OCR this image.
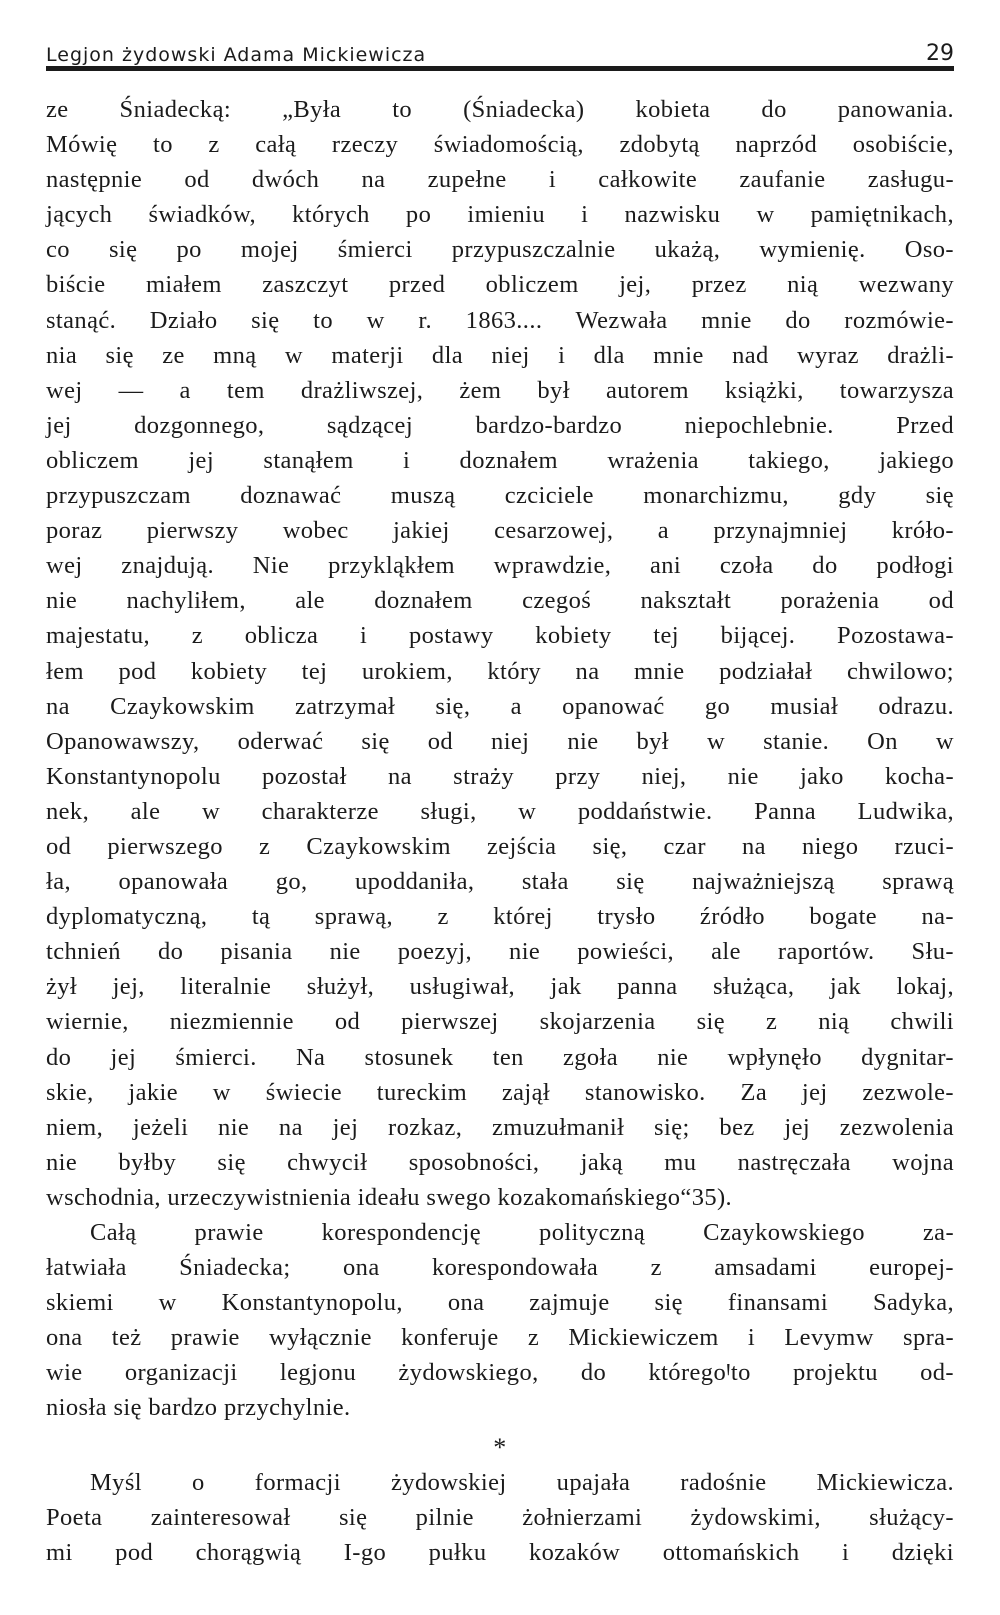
Legjon żydowski Adama Mickiewicza	29

ze Śniadecką: „Była to (Śniadecka) kobieta do panowania.
Mówię to z całą rzeczy świadomością, zdobytą naprzód osobiście,
następnie od dwóch na zupełne i całkowite zaufanie zasługu-
jących świadków, których po imieniu i nazwisku w pamiętnikach,
co się po mojej śmierci przypuszczalnie ukażą, wymienię. Oso-
biście miałem zaszczyt przed obliczem jej, przez nią wezwany
stanąć. Działo się to w r. 1863.... Wezwała mnie do rozmówie-
nia się ze mną w materji dla niej i dla mnie nad wyraz drażli-
wej — a tem drażliwszej, żem był autorem książki, towarzysza
jej dozgonnego, sądzącej bardzo-bardzo niepochlebnie. Przed
obliczem jej stanąłem i doznałem wrażenia takiego, jakiego
przypuszczam doznawać muszą czciciele monarchizmu, gdy się
poraz pierwszy wobec jakiej cesarzowej, a przynajmniej króło-
wej znajdują. Nie przykląkłem wprawdzie, ani czoła do podłogi
nie nachyliłem, ale doznałem czegoś nakształt porażenia od
majestatu, z oblicza i postawy kobiety tej bijącej. Pozostawa-
łem pod kobiety tej urokiem, który na mnie podziałał chwilowo;
na Czaykowskim zatrzymał się, a opanować go musiał odrazu.
Opanowawszy, oderwać się od niej nie był w stanie. On w
Konstantynopolu pozostał na straży przy niej, nie jako kocha-
nek, ale w charakterze sługi, w poddaństwie. Panna Ludwika,
od pierwszego z Czaykowskim zejścia się, czar na niego rzuci-
ła, opanowała go, upoddaniła, stała się najważniejszą sprawą
dyplomatyczną, tą sprawą, z której trysło źródło bogate na-
tchnień do pisania nie poezyj, nie powieści, ale raportów. Słu-
żył jej, literalnie służył, usługiwał, jak panna służąca, jak lokaj,
wiernie, niezmiennie od pierwszej skojarzenia się z nią chwili
do jej śmierci. Na stosunek ten zgoła nie wpłynęło dygnitar-
skie, jakie w świecie tureckim zajął stanowisko. Za jej zezwole-
niem, jeżeli nie na jej rozkaz, zmuzułmanił się; bez jej zezwolenia
nie byłby się chwycił sposobności, jaką mu nastręczała wojna
wschodnia, urzeczywistnienia ideału swego kozakomańskiego“35).

Całą prawie korespondencję polityczną Czaykowskiego za-
łatwiała Śniadecka; ona korespondowała z amsadami europej-
skiemi w Konstantynopolu, ona zajmuje się finansami Sadyka,
ona też prawie wyłącznie konferuje z Mickiewiczem i Levymw spra-
wie organizacji legjonu żydowskiego, do któregoꞋto projektu od-
niosła się bardzo przychylnie.

*

Myśl o formacji żydowskiej upajała radośnie Mickiewicza.
Poeta zainteresował się pilnie żołnierzami żydowskimi, służący-
mi pod chorągwią I-go pułku kozaków ottomańskich i dzięki
